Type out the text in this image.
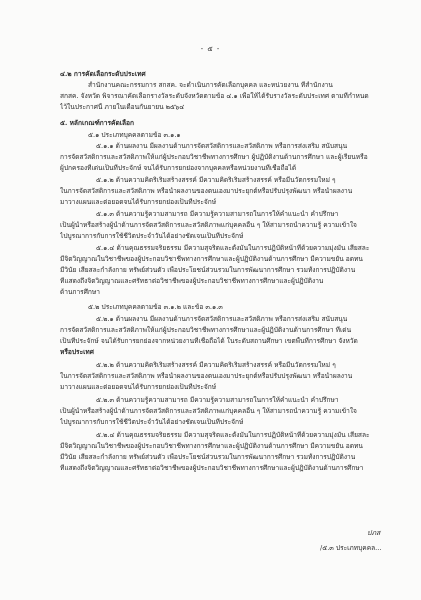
- ๕ -
๔.๒ การคัดเลือกระดับประเทศ
สำนักงานคณะกรรมการ สกสค. จะดำเนินการคัดเลือกบุคคล และหน่วยงาน ที่สำนักงาน
สกสค. จังหวัด พิจารณาคัดเลือกรางวัลระดับจังหวัดตามข้อ ๔.๑ เพื่อให้ได้รับรางวัลระดับประเทศ ตามที่กำหนด
ไว้ในประกาศนี้ ภายในเดือนกันยายน ๒๕๖๔
๕. หลักเกณฑ์การคัดเลือก
๕.๑ ประเภทบุคคลตามข้อ ๓.๑.๑
๕.๑.๑ ด้านผลงาน มีผลงานด้านการจัดสวัสดิการและสวัสดิภาพ หรือการส่งเสริม สนับสนุน
การจัดสวัสดิการและสวัสดิภาพให้แก่ผู้ประกอบวิชาชีพทางการศึกษา ผู้ปฏิบัติงานด้านการศึกษา และผู้เรียนหรือ
ผู้ปกครองที่เด่นเป็นที่ประจักษ์ จนได้รับการยกย่องจากบุคคลหรือหน่วยงานที่เชื่อถือได้
๕.๑.๒ ด้านความคิดริเริ่มสร้างสรรค์ มีความคิดริเริ่มสร้างสรรค์ หรือมีนวัตกรรมใหม่ ๆ
ในการจัดสวัสดิการและสวัสดิภาพ หรือนำผลงานของตนเองมาประยุกต์หรือปรับปรุงพัฒนา หรือนำผลงาน
มาวางแผนและต่อยอดจนได้รับการยกย่องเป็นที่ประจักษ์
๕.๑.๓ ด้านความรู้ความสามารถ มีความรู้ความสามารถในการให้คำแนะนำ คำปรึกษา
เป็นผู้นำหรือสร้างผู้นำด้านการจัดสวัสดิการและสวัสดิภาพแก่บุคคลอื่น ๆ ให้สามารถนำความรู้ ความเข้าใจ
ไปบูรณาการกับการใช้ชีวิตประจำวันได้อย่างชัดเจนเป็นที่ประจักษ์
๕.๑.๔ ด้านคุณธรรมจริยธรรม มีความสุจริตและตั้งมั่นในการปฏิบัติหน้าที่ด้วยความมุ่งมั่น เสียสละ
มีจิตวิญญาณในวิชาชีพของผู้ประกอบวิชาชีพทางการศึกษาและผู้ปฏิบัติงานด้านการศึกษา มีความขยัน อดทน
มีวินัย เสียสละกำลังกาย ทรัพย์ส่วนตัว เพื่อประโยชน์ส่วนรวมในการพัฒนาการศึกษา รวมทั้งการปฏิบัติงาน
ที่แสดงถึงจิตวิญญาณและศรัทธาต่อวิชาชีพของผู้ประกอบวิชาชีพทางการศึกษาและผู้ปฏิบัติงาน
ด้านการศึกษา
๕.๒ ประเภทบุคคลตามข้อ ๓.๑.๒ และข้อ ๓.๑.๓
๕.๒.๑ ด้านผลงาน มีผลงานด้านการจัดสวัสดิการและสวัสดิภาพ หรือการส่งเสริม สนับสนุน
การจัดสวัสดิการและสวัสดิภาพให้แก่ผู้ประกอบวิชาชีพทางการศึกษาและผู้ปฏิบัติงานด้านการศึกษา ที่เด่น
เป็นที่ประจักษ์ จนได้รับการยกย่องจากหน่วยงานที่เชื่อถือได้ ในระดับสถานศึกษา เขตพื้นที่การศึกษา จังหวัด
หรือประเทศ
๕.๒.๒ ด้านความคิดริเริ่มสร้างสรรค์ มีความคิดริเริ่มสร้างสรรค์ หรือมีนวัตกรรมใหม่ ๆ
ในการจัดสวัสดิการและสวัสดิภาพ หรือนำผลงานของตนเองมาประยุกต์หรือปรับปรุงพัฒนา หรือนำผลงาน
มาวางแผนและต่อยอดจนได้รับการยกย่องเป็นที่ประจักษ์
๕.๒.๓ ด้านความรู้ความสามารถ มีความรู้ความสามารถในการให้คำแนะนำ คำปรึกษา
เป็นผู้นำหรือสร้างผู้นำด้านการจัดสวัสดิการและสวัสดิภาพแก่บุคคลอื่น ๆ ให้สามารถนำความรู้ ความเข้าใจ
ไปบูรณาการกับการใช้ชีวิตประจำวันได้อย่างชัดเจนเป็นที่ประจักษ์
๕.๒.๔ ด้านคุณธรรมจริยธรรม มีความสุจริตและตั้งมั่นในการปฏิบัติหน้าที่ด้วยความมุ่งมั่น เสียสละ
มีจิตวิญญาณในวิชาชีพของผู้ประกอบวิชาชีพทางการศึกษาและผู้ปฏิบัติงานด้านการศึกษา มีความขยัน อดทน
มีวินัย เสียสละกำลังกาย ทรัพย์ส่วนตัว เพื่อประโยชน์ส่วนรวมในการพัฒนาการศึกษา รวมทั้งการปฏิบัติงาน
ที่แสดงถึงจิตวิญญาณและศรัทธาต่อวิชาชีพของผู้ประกอบวิชาชีพทางการศึกษาและผู้ปฏิบัติงานด้านการศึกษา
ปภส
/๕.๓ ประเภทบุคคล...
